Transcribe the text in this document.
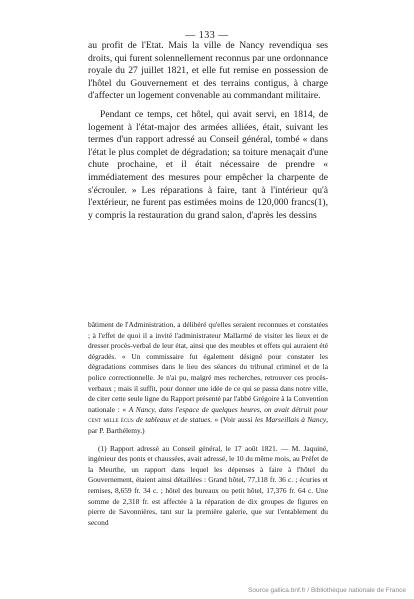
— 133 —

au profit de l'Etat. Mais la ville de Nancy revendiqua ses droits, qui furent solennellement reconnus par une ordonnance royale du 27 juillet 1821, et elle fut remise en possession de l'hôtel du Gouvernement et des terrains contigus, à charge d'affecter un logement convenable au commandant militaire.

Pendant ce temps, cet hôtel, qui avait servi, en 1814, de logement à l'état-major des armées alliées, était, suivant les termes d'un rapport adressé au Conseil général, tombé « dans l'état le plus complet de dégradation; sa toiture menaçait d'une chute prochaine, et il était nécessaire de prendre « immédiatement des mesures pour empêcher la charpente de s'écrouler. » Les réparations à faire, tant à l'intérieur qu'à l'extérieur, ne furent pas estimées moins de 120,000 francs(1), y compris la restauration du grand salon, d'après les dessins

bâtiment de l'Administration, a délibéré qu'elles seraient reconnues et constatées ; à l'effet de quoi il a invité l'administrateur Mallarmé de visiter les lieux et de dresser procès-verbal de leur état, ainsi que des meubles et effets qui auraient été dégradés. « Un commissaire fut également désigné pour constater les dégradations commises dans le lieu des séances du tribunal criminel et de la police correctionnelle. Je n'ai pu, malgré mes recherches, retrouver ces procès-verbaux ; mais il suffit, pour donner une idée de ce qui se passa dans notre ville, de citer cette seule ligne du Rapport présenté par l'abbé Grégoire à la Convention nationale : « A Nancy, dans l'espace de quelques heures, on avait détruit pour cent mille écus de tableaux et de statues. » (Voir aussi les Marseillais à Nancy, par P. Barthélemy.)

(1) Rapport adressé au Conseil général, le 17 août 1821. — M. Jaquiné, ingénieur des ponts et chaussées, avait adressé, le 10 du même mois, au Préfet de la Meurthe, un rapport dans lequel les dépenses à faire à l'hôtel du Gouvernement, étaient ainsi détaillées : Grand hôtel, 77,118 fr. 36 c. ; écuries et remises, 8,659 fr. 34 c. ; hôtel des bureaux ou petit hôtel, 17,376 fr. 64 c. Une somme de 2,318 fr. est affectée à la réparation de dix groupes de figures en pierre de Savonnières, tant sur la première galerie, que sur l'entablement du second

Source gallica.bnf.fr / Bibliothèque nationale de France
